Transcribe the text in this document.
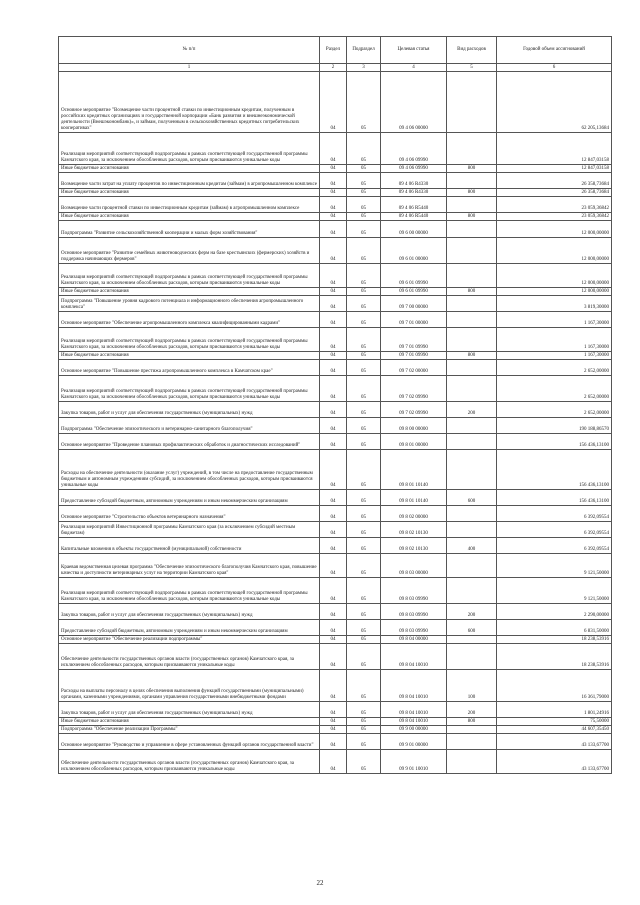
№ п/п	Раздел	Подраздел	Целевая статья	Вид расходов	Годовой объем ассигнований
1	2	3	4	5	6
Основное мероприятие "Возмещение части процентной ставки по инвестиционным кредитам, полученным в российских кредитных организациях и государственной корпорации «Банк развития и внешнеэкономической деятельности (Внешэкономбанк)», и займам, полученным в сельскохозяйственных кредитных потребительских кооперативах"	04	05	09 4 06 00000		62 205,13684
Реализация мероприятий соответствующей подпрограммы в рамках соответствующей государственной программы Камчатского края, за исключением обособленных расходов, которым присваиваются уникальные коды	04	05	09 4 06 09990		12 847,03158
Иные бюджетные ассигнования	04	05	09 4 06 09990	800	12 847,03158
Возмещение части затрат на уплату процентов по инвестиционным кредитам (займам) в агропромышленном комплексе	04	05	09 4 06 R4330		26 358,73684
Иные бюджетные ассигнования	04	05	09 4 06 R4330	800	26 358,73684
Возмещение части процентной ставки по инвестиционным кредитам (займам) в агропромышленном комплексе	04	05	09 4 06 R5440		23 059,36842
Иные бюджетные ассигнования	04	05	09 4 06 R5440	800	23 059,36842
Подпрограмма "Развитие сельскохозяйственной кооперации и малых форм хозяйствования"	04	05	09 6 00 00000		12 000,00000
Основное мероприятие "Развитие семейных животноводческих ферм на базе крестьянских (фермерских) хозяйств и поддержка начинающих фермеров"	04	05	09 6 01 00000		12 000,00000
Реализация мероприятий соответствующей подпрограммы в рамках соответствующей государственной программы Камчатского края, за исключением обособленных расходов, которым присваиваются уникальные коды	04	05	09 6 01 09990		12 000,00000
Иные бюджетные ассигнования	04	05	09 6 01 09990	800	12 000,00000
Подпрограмма "Повышение уровня кадрового потенциала и информационного обеспечения агропромышленного комплекса"	04	05	09 7 00 00000		3 819,30000
Основное мероприятие "Обеспечение агропромышленного комплекса квалифицированными кадрами"	04	05	09 7 01 00000		1 167,30000
Реализация мероприятий соответствующей подпрограммы в рамках соответствующей государственной программы Камчатского края, за исключением обособленных расходов, которым присваиваются уникальные коды	04	05	09 7 01 09990		1 167,30000
Иные бюджетные ассигнования	04	05	09 7 01 09990	800	1 167,30000
Основное мероприятие "Повышение престижа агропромышленного комплекса в Камчатском крае"	04	05	09 7 02 00000		2 652,00000
Реализация мероприятий соответствующей подпрограммы в рамках соответствующей государственной программы Камчатского края, за исключением обособленных расходов, которым присваиваются уникальные коды	04	05	09 7 02 09990		2 652,00000
Закупка товаров, работ и услуг для обеспечения государственных (муниципальных) нужд	04	05	09 7 02 09990	200	2 652,00000
Подпрограмма "Обеспечение эпизоотического и ветеринарно-санитарного благополучия"	04	05	09 8 00 00000		190 188,86570
Основное мероприятие "Проведение плановых профилактических обработок и диагностических исследований"	04	05	09 8 01 00000		156 436,13100
Расходы на обеспечение деятельности (оказание услуг) учреждений, в том числе на предоставление государственным бюджетным и автономным учреждениям субсидий, за исключением обособленных расходов, которым присваиваются уникальные коды	04	05	09 8 01 10140		156 436,13100
Предоставление субсидий бюджетным, автономным учреждениям и иным некоммерческим организациям	04	05	09 8 01 10140	600	156 436,13100
Основное мероприятие "Строительство объектов ветеринарного назначения"	04	05	09 8 02 00000		6 392,09554
Реализация мероприятий Инвестиционной программы Камчатского края (за исключением субсидий местным бюджетам)	04	05	09 8 02 10130		6 392,09554
Капитальные вложения в объекты государственной (муниципальной) собственности	04	05	09 8 02 10130	400	6 392,09554
Краевая ведомственная целевая программа "Обеспечение эпизоотического благополучия Камчатского края, повышение качества и доступности ветеринарных услуг на территории Камчатского края"	04	05	09 8 03 00000		9 121,50000
Реализация мероприятий соответствующей подпрограммы в рамках соответствующей государственной программы Камчатского края, за исключением обособленных расходов, которым присваиваются уникальные коды	04	05	09 8 03 09990		9 121,50000
Закупка товаров, работ и услуг для обеспечения государственных (муниципальных) нужд	04	05	09 8 03 09990	200	2 290,00000
Предоставление субсидий бюджетным, автономным учреждениям и иным некоммерческим организациям	04	05	09 8 03 09990	600	6 831,50000
Основное мероприятие "Обеспечение реализации подпрограммы"	04	05	09 8 04 00000		18 238,53916
Обеспечение деятельности государственных органов власти (государственных органов) Камчатского края, за исключением обособленных расходов, которым присваиваются уникальные коды	04	05	09 8 04 10010		18 238,53916
Расходы на выплаты персоналу в целях обеспечения выполнения функций государственными (муниципальными) органами, казенными учреждениями, органами управления государственными внебюджетными фондами	04	05	09 8 04 10010	100	16 361,79000
Закупка товаров, работ и услуг для обеспечения государственных (муниципальных) нужд	04	05	09 8 04 10010	200	1 801,24916
Иные бюджетные ассигнования	04	05	09 8 04 10010	800	75,50000
Подпрограмма "Обеспечение реализации Программы"	04	05	09 9 00 00000		44 607,35450
Основное мероприятие "Руководство и управление в сфере установленных функций органов государственной власти"	04	05	09 9 01 00000		43 133,67700
Обеспечение деятельности государственных органов власти (государственных органов) Камчатского края, за исключением обособленных расходов, которым присваиваются уникальные коды	04	05	09 9 01 10010		43 133,67700
22
